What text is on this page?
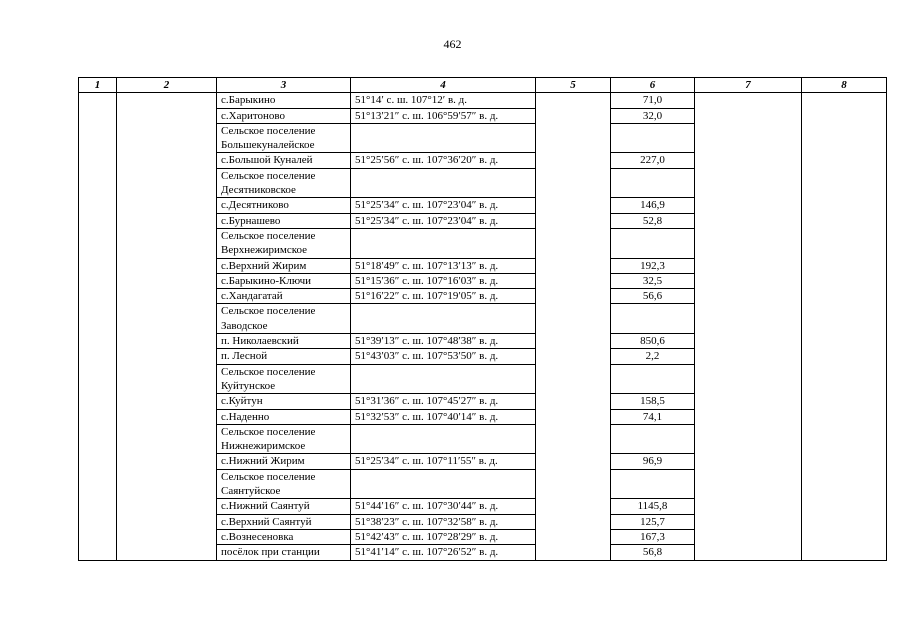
462
1	2	3	4	5	6	7	8
		с.Барыкино	51°14′ с. ш. 107°12′ в. д.		71,0		
		с.Харитоново	51°13′21″ с. ш. 106°59′57″ в. д.		32,0		
		Сельское поселение Большекуналейское					
		с.Большой Куналей	51°25′56″ с. ш. 107°36′20″ в. д.		227,0		
		Сельское поселение Десятниковское					
		с.Десятниково	51°25′34″ с. ш. 107°23′04″ в. д.		146,9		
		с.Бурнашево	51°25′34″ с. ш. 107°23′04″ в. д.		52,8		
		Сельское поселение Верхнежиримское					
		с.Верхний Жирим	51°18′49″ с. ш. 107°13′13″ в. д.		192,3		
		с.Барыкино-Ключи	51°15′36″ с. ш. 107°16′03″ в. д.		32,5		
		с.Хандагатай	51°16′22″ с. ш. 107°19′05″ в. д.		56,6		
		Сельское поселение Заводское					
		п. Николаевский	51°39′13″ с. ш. 107°48′38″ в. д.		850,6		
		п. Лесной	51°43′03″ с. ш. 107°53′50″ в. д.		2,2		
		Сельское поселение Куйтунское					
		с.Куйтун	51°31′36″ с. ш. 107°45′27″ в. д.		158,5		
		с.Наденно	51°32′53″ с. ш. 107°40′14″ в. д.		74,1		
		Сельское поселение Нижнежиримское					
		с.Нижний Жирим	51°25′34″ с. ш. 107°11′55″ в. д.		96,9		
		Сельское поселение Саянтуйское					
		с.Нижний Саянтуй	51°44′16″ с. ш. 107°30′44″ в. д.		1145,8		
		с.Верхний Саянтуй	51°38′23″ с. ш. 107°32′58″ в. д.		125,7		
		с.Вознесеновка	51°42′43″ с. ш. 107°28′29″ в. д.		167,3		
		посёлок при станции	51°41′14″ с. ш. 107°26′52″ в. д.		56,8		
